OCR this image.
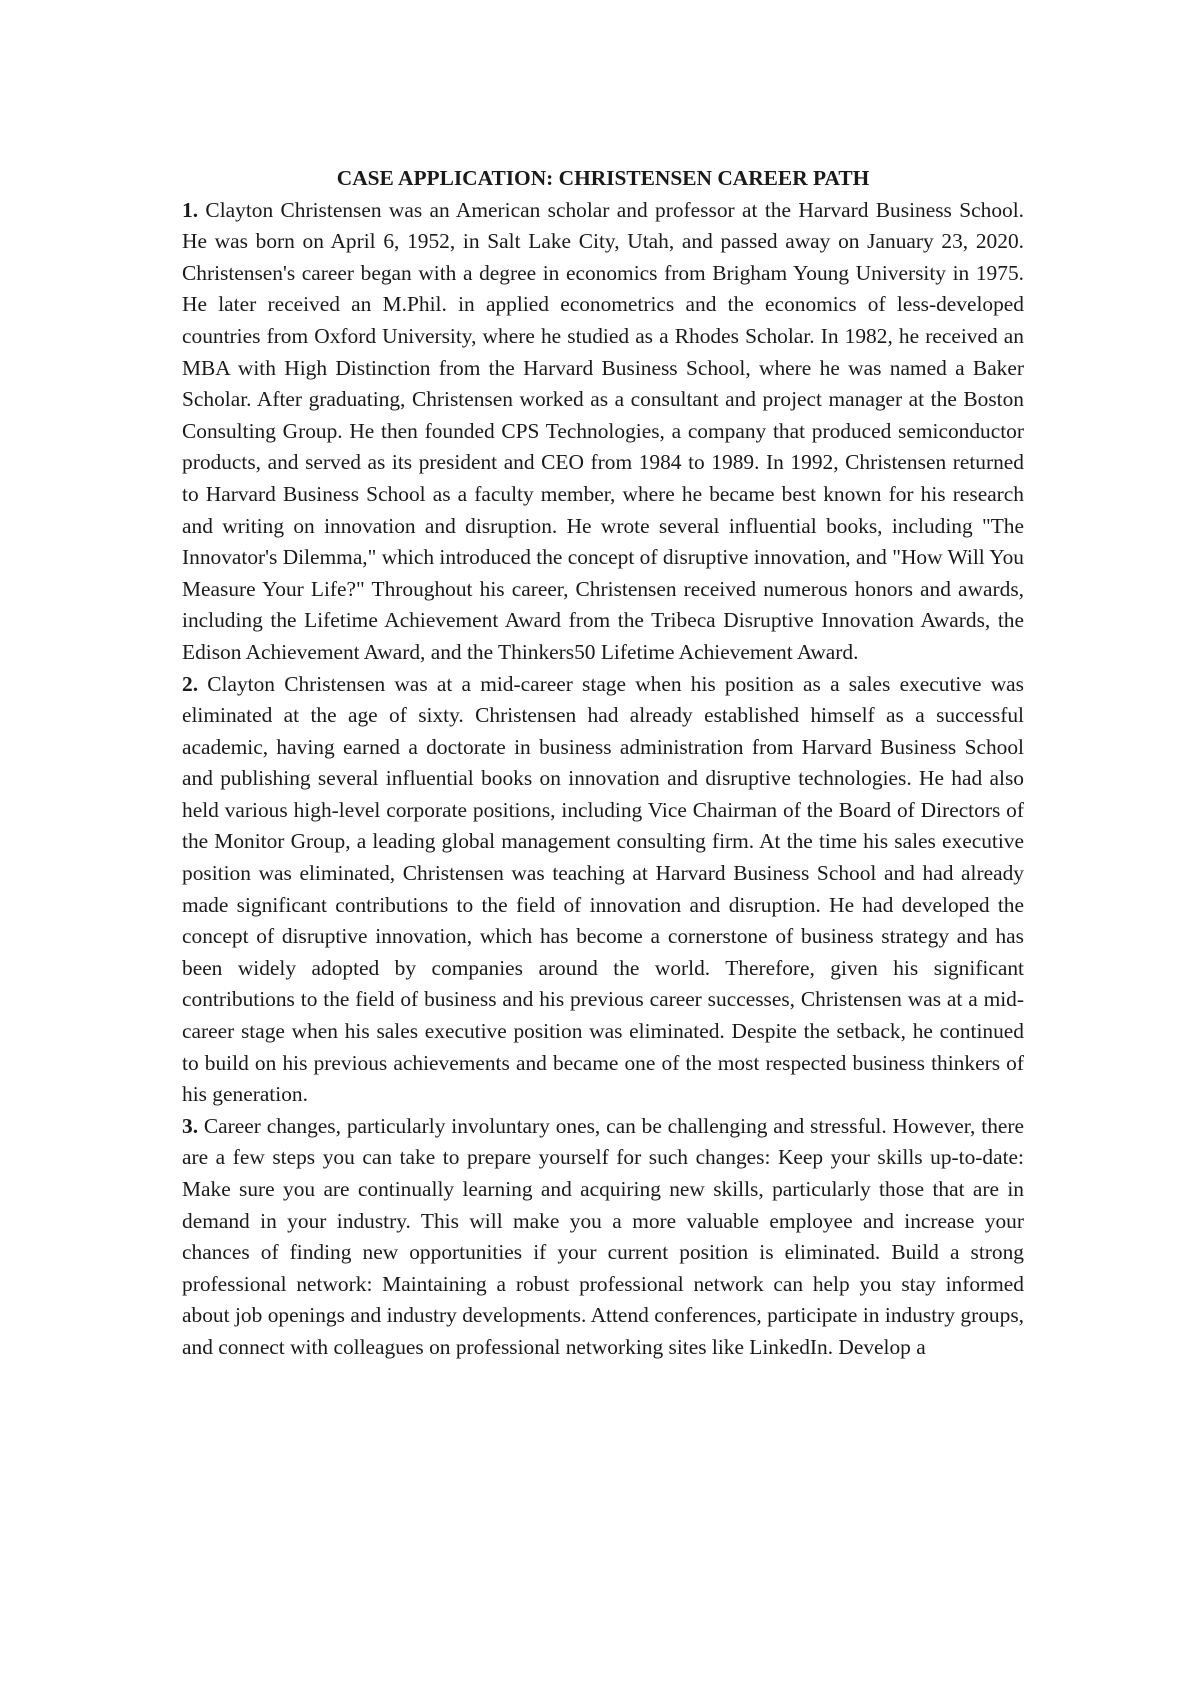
CASE APPLICATION: CHRISTENSEN CAREER PATH

1. Clayton Christensen was an American scholar and professor at the Harvard Business School. He was born on April 6, 1952, in Salt Lake City, Utah, and passed away on January 23, 2020. Christensen's career began with a degree in economics from Brigham Young University in 1975. He later received an M.Phil. in applied econometrics and the economics of less-developed countries from Oxford University, where he studied as a Rhodes Scholar. In 1982, he received an MBA with High Distinction from the Harvard Business School, where he was named a Baker Scholar. After graduating, Christensen worked as a consultant and project manager at the Boston Consulting Group. He then founded CPS Technologies, a company that produced semiconductor products, and served as its president and CEO from 1984 to 1989. In 1992, Christensen returned to Harvard Business School as a faculty member, where he became best known for his research and writing on innovation and disruption. He wrote several influential books, including "The Innovator's Dilemma," which introduced the concept of disruptive innovation, and "How Will You Measure Your Life?" Throughout his career, Christensen received numerous honors and awards, including the Lifetime Achievement Award from the Tribeca Disruptive Innovation Awards, the Edison Achievement Award, and the Thinkers50 Lifetime Achievement Award.

2. Clayton Christensen was at a mid-career stage when his position as a sales executive was eliminated at the age of sixty. Christensen had already established himself as a successful academic, having earned a doctorate in business administration from Harvard Business School and publishing several influential books on innovation and disruptive technologies. He had also held various high-level corporate positions, including Vice Chairman of the Board of Directors of the Monitor Group, a leading global management consulting firm. At the time his sales executive position was eliminated, Christensen was teaching at Harvard Business School and had already made significant contributions to the field of innovation and disruption. He had developed the concept of disruptive innovation, which has become a cornerstone of business strategy and has been widely adopted by companies around the world. Therefore, given his significant contributions to the field of business and his previous career successes, Christensen was at a mid-career stage when his sales executive position was eliminated. Despite the setback, he continued to build on his previous achievements and became one of the most respected business thinkers of his generation.

3. Career changes, particularly involuntary ones, can be challenging and stressful. However, there are a few steps you can take to prepare yourself for such changes: Keep your skills up-to-date: Make sure you are continually learning and acquiring new skills, particularly those that are in demand in your industry. This will make you a more valuable employee and increase your chances of finding new opportunities if your current position is eliminated. Build a strong professional network: Maintaining a robust professional network can help you stay informed about job openings and industry developments. Attend conferences, participate in industry groups, and connect with colleagues on professional networking sites like LinkedIn. Develop a
